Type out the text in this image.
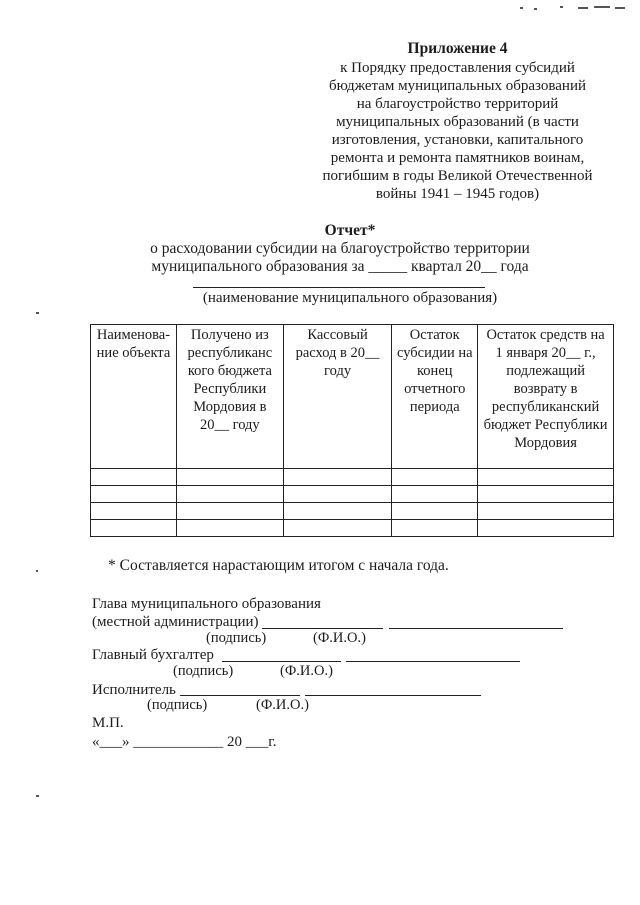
Приложение 4
к Порядку предоставления субсидий
бюджетам муниципальных образований
на благоустройство территорий
муниципальных образований (в части
изготовления, установки, капитального
ремонта и ремонта памятников воинам,
погибшим в годы Великой Отечественной
войны 1941 – 1945 годов)
Отчет*
о расходовании субсидии на благоустройство территории
муниципального образования за _____ квартал 20__ года
(наименование муниципального образования)
Наименова-ние объекта	Получено из республиканс кого бюджета Республики Мордовия в 20__ году	Кассовый расход в 20__ году	Остаток субсидии на конец отчетного периода	Остаток средств на 1 января 20__ г., подлежащий возврату в республиканский бюджет Республики Мордовия

* Составляется нарастающим итогом с начала года.
Глава муниципального образования
(местной администрации)
(подпись)	(Ф.И.О.)
Главный бухгалтер
(подпись)	(Ф.И.О.)
Исполнитель
(подпись)	(Ф.И.О.)
М.П.
«___» ____________ 20 ___г.
